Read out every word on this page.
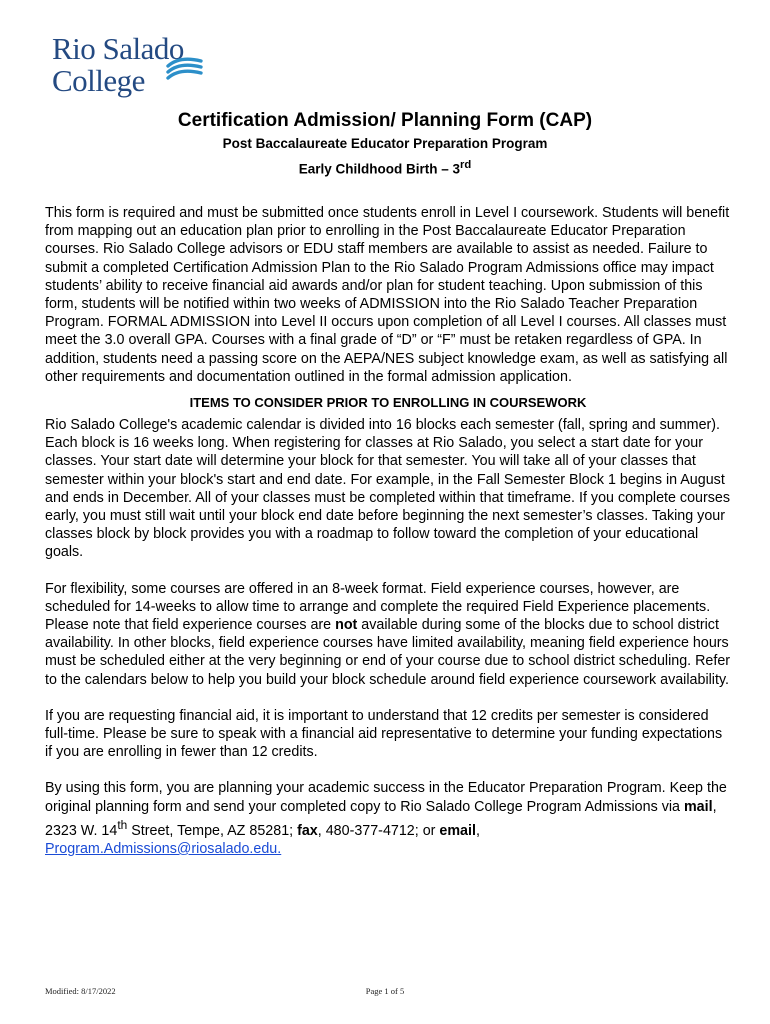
Rio Salado
College
Certification Admission/ Planning Form (CAP)
Post Baccalaureate Educator Preparation Program
Early Childhood Birth – 3rd

This form is required and must be submitted once students enroll in Level I coursework. Students will benefit from mapping out an education plan prior to enrolling in the Post Baccalaureate Educator Preparation courses. Rio Salado College advisors or EDU staff members are available to assist as needed. Failure to submit a completed Certification Admission Plan to the Rio Salado Program Admissions office may impact students’ ability to receive financial aid awards and/or plan for student teaching. Upon submission of this form, students will be notified within two weeks of ADMISSION into the Rio Salado Teacher Preparation Program. FORMAL ADMISSION into Level II occurs upon completion of all Level I courses. All classes must meet the 3.0 overall GPA. Courses with a final grade of “D” or “F” must be retaken regardless of GPA. In addition, students need a passing score on the AEPA/NES subject knowledge exam, as well as satisfying all other requirements and documentation outlined in the formal admission application.

ITEMS TO CONSIDER PRIOR TO ENROLLING IN COURSEWORK

Rio Salado College's academic calendar is divided into 16 blocks each semester (fall, spring and summer). Each block is 16 weeks long. When registering for classes at Rio Salado, you select a start date for your classes. Your start date will determine your block for that semester. You will take all of your classes that semester within your block's start and end date. For example, in the Fall Semester Block 1 begins in August and ends in December. All of your classes must be completed within that timeframe. If you complete courses early, you must still wait until your block end date before beginning the next semester’s classes. Taking your classes block by block provides you with a roadmap to follow toward the completion of your educational goals.

For flexibility, some courses are offered in an 8-week format. Field experience courses, however, are scheduled for 14-weeks to allow time to arrange and complete the required Field Experience placements. Please note that field experience courses are not available during some of the blocks due to school district availability. In other blocks, field experience courses have limited availability, meaning field experience hours must be scheduled either at the very beginning or end of your course due to school district scheduling. Refer to the calendars below to help you build your block schedule around field experience coursework availability.

If you are requesting financial aid, it is important to understand that 12 credits per semester is considered full-time. Please be sure to speak with a financial aid representative to determine your funding expectations if you are enrolling in fewer than 12 credits.

By using this form, you are planning your academic success in the Educator Preparation Program. Keep the original planning form and send your completed copy to Rio Salado College Program Admissions via mail, 2323 W. 14th Street, Tempe, AZ 85281; fax, 480-377-4712; or email,
Program.Admissions@riosalado.edu.

Modified: 8/17/2022	Page 1 of 5
